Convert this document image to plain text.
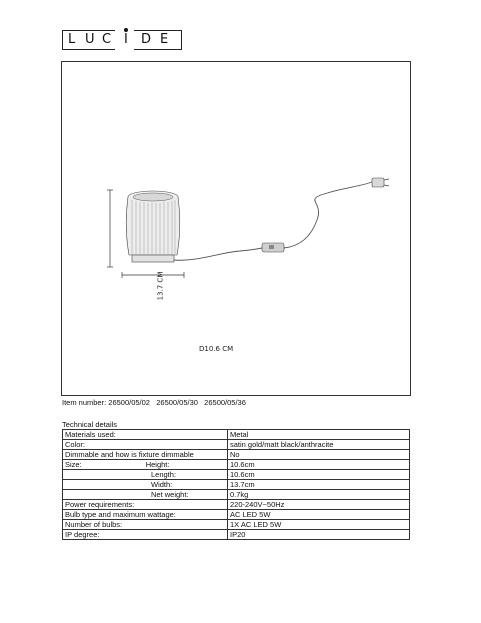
L U C I D E
13.7 CM
D10.6 CM
Item number: 26500/05/02   26500/05/30   26500/05/36
Technical details
Materials used:	Metal
Color:	satin gold/matt black/anthracite
Dimmable and how is fixture dimmable	No
Size: Height:	10.6cm
Length:	10.6cm
Width:	13.7cm
Net weight:	0.7kg
Power requirements:	220-240V~50Hz
Bulb type and maximum wattage:	AC LED 5W
Number of bulbs:	1X AC LED 5W
IP degree:	IP20
